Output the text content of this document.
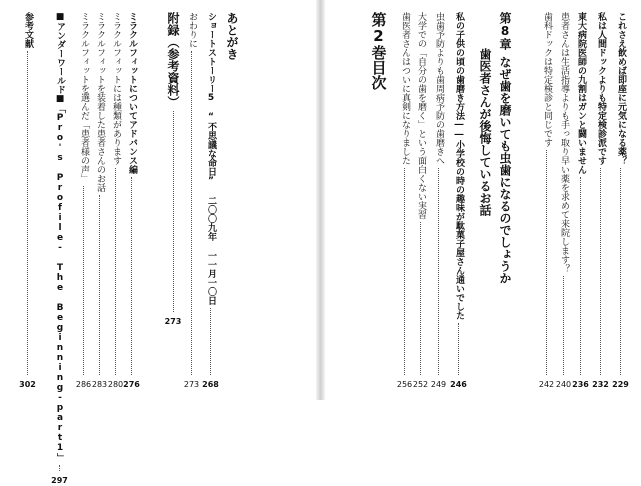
あとがき
ショートストーリー5　“不思議な命日” 二〇〇九年 一一月一〇日
268
おわりに
273
附録（参考資料）
273
ミラクルフィットについてアドバンス編
276
ミラクルフィットには種類があります
280
ミラクルフィットを装着した患者さんのお話
283
ミラクルフィットを選んだ「患者様の声」
286
■アンダーワールド■「Pro's Profile- The Beginning-part1」
297
参考文献
302
これさえ飲めば即座に元気になる薬？
229
私は人間ドックよりも特定検診派です
232
東大病院医師の九割はガンと闘いません
236
患者さんは生活指導よりも手っ取り早い薬を求めて来院します？
240
歯科ドックは特定検診と同じです
242
第8章
なぜ歯を磨いても虫歯になるのでしょうか
歯医者さんが後悔しているお話
私の子供の頃の歯磨き方法――小学校の時の趣味が駄菓子屋さん通いでした
246
虫歯予防よりも歯周病予防の歯磨きへ
249
大学での「自分の歯を磨く」という面白くない実習
252
歯医者さんはついに真剣になりました
256
第2巻目次
